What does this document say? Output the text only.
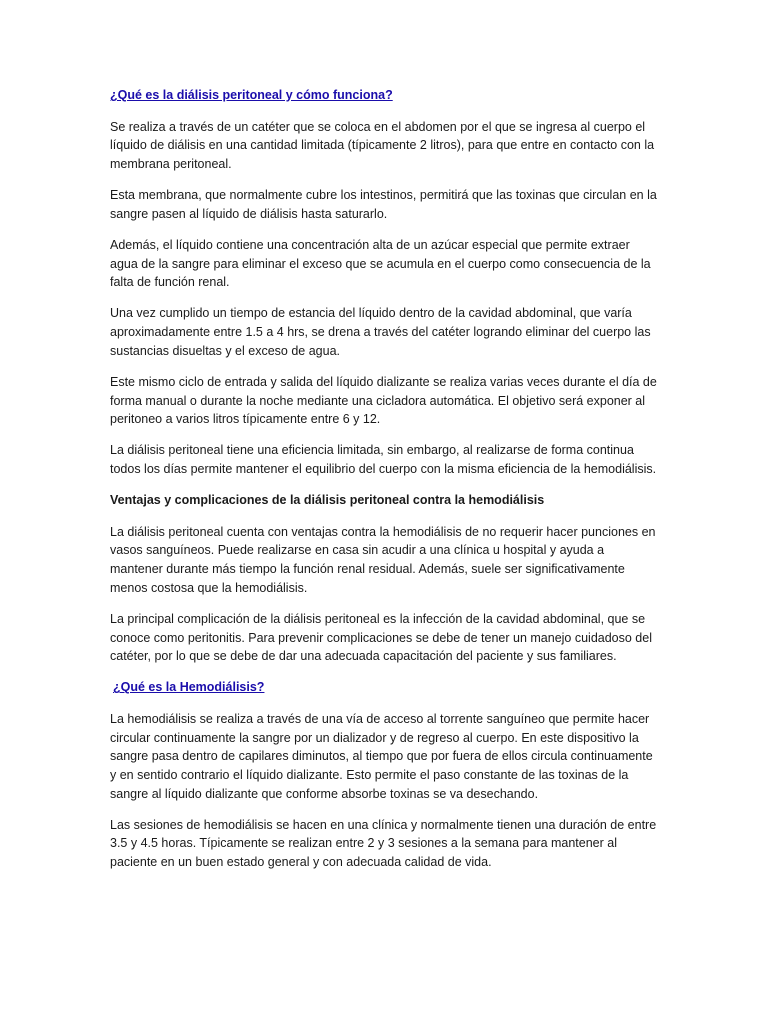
¿Qué es la diálisis peritoneal y cómo funciona?

Se realiza a través de un catéter que se coloca en el abdomen por el que se ingresa al cuerpo el líquido de diálisis en una cantidad limitada (típicamente 2 litros), para que entre en contacto con la membrana peritoneal.

Esta membrana, que normalmente cubre los intestinos, permitirá que las toxinas que circulan en la sangre pasen al líquido de diálisis hasta saturarlo.

Además, el líquido contiene una concentración alta de un azúcar especial que permite extraer agua de la sangre para eliminar el exceso que se acumula en el cuerpo como consecuencia de la falta de función renal.

Una vez cumplido un tiempo de estancia del líquido dentro de la cavidad abdominal, que varía aproximadamente entre 1.5 a 4 hrs, se drena a través del catéter logrando eliminar del cuerpo las sustancias disueltas y el exceso de agua.

Este mismo ciclo de entrada y salida del líquido dializante se realiza varias veces durante el día de forma manual o durante la noche mediante una cicladora automática. El objetivo será exponer al peritoneo a varios litros típicamente entre 6 y 12.

La diálisis peritoneal tiene una eficiencia limitada, sin embargo, al realizarse de forma continua todos los días permite mantener el equilibrio del cuerpo con la misma eficiencia de la hemodiálisis.

Ventajas y complicaciones de la diálisis peritoneal contra la hemodiálisis

La diálisis peritoneal cuenta con ventajas contra la hemodiálisis de no requerir hacer punciones en vasos sanguíneos. Puede realizarse en casa sin acudir a una clínica u hospital y ayuda a mantener durante más tiempo la función renal residual. Además, suele ser significativamente menos costosa que la hemodiálisis.

La principal complicación de la diálisis peritoneal es la infección de la cavidad abdominal, que se conoce como peritonitis. Para prevenir complicaciones se debe de tener un manejo cuidadoso del catéter, por lo que se debe de dar una adecuada capacitación del paciente y sus familiares.

¿Qué es la Hemodiálisis?

La hemodiálisis se realiza a través de una vía de acceso al torrente sanguíneo que permite hacer circular continuamente la sangre por un dializador y de regreso al cuerpo. En este dispositivo la sangre pasa dentro de capilares diminutos, al tiempo que por fuera de ellos circula continuamente y en sentido contrario el líquido dializante. Esto permite el paso constante de las toxinas de la sangre al líquido dializante que conforme absorbe toxinas se va desechando.

Las sesiones de hemodiálisis se hacen en una clínica y normalmente tienen una duración de entre 3.5 y 4.5 horas. Típicamente se realizan entre 2 y 3 sesiones a la semana para mantener al paciente en un buen estado general y con adecuada calidad de vida.
